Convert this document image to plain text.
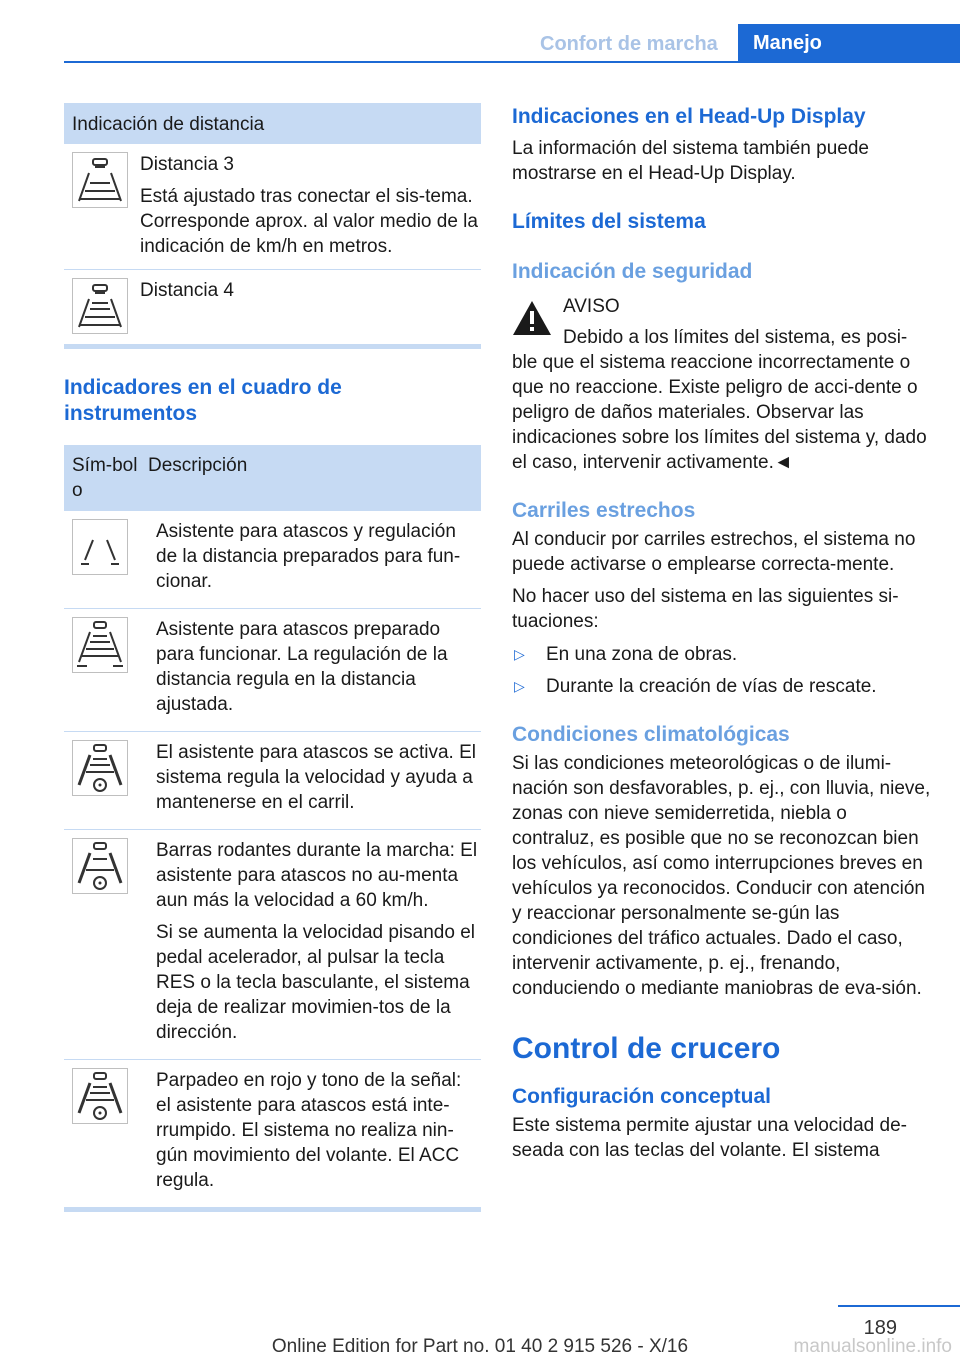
Confort de marcha	Manejo
Indicación de distancia

Distancia 3

Está ajustado tras conectar el sis-tema. Corresponde aprox. al valor medio de la indicación de km/h en metros.

Distancia 4

Indicadores en el cuadro de instrumentos
Sím-bolo
Descripción
Asistente para atascos y regulación de la distancia preparados para fun-cionar.
Asistente para atascos preparado para funcionar. La regulación de la distancia regula en la distancia ajustada.
El asistente para atascos se activa. El sistema regula la velocidad y ayuda a mantenerse en el carril.

Barras rodantes durante la marcha: El asistente para atascos no au-menta aun más la velocidad a 60 km/h.

Si se aumenta la velocidad pisando el pedal acelerador, al pulsar la tecla RES o la tecla basculante, el sistema deja de realizar movimien-tos de la dirección.

Parpadeo en rojo y tono de la señal: el asistente para atascos está inte-rrumpido. El sistema no realiza nin-gún movimiento del volante. El ACC regula.
Indicaciones en el Head-Up Display
La información del sistema también puede mostrarse en el Head-Up Display.
Límites del sistema
Indicación de seguridad
AVISO
Debido a los límites del sistema, es posi-ble que el sistema reaccione incorrectamente o que no reaccione. Existe peligro de acci-dente o peligro de daños materiales. Observar las indicaciones sobre los límites del sistema y, dado el caso, intervenir activamente.◄
Carriles estrechos
Al conducir por carriles estrechos, el sistema no puede activarse o emplearse correcta-mente.
No hacer uso del sistema en las siguientes si-tuaciones:
▷	En una zona de obras.
▷	Durante la creación de vías de rescate.
Condiciones climatológicas
Si las condiciones meteorológicas o de ilumi-nación son desfavorables, p. ej., con lluvia, nieve, zonas con nieve semiderretida, niebla o contraluz, es posible que no se reconozcan bien los vehículos, así como interrupciones breves en vehículos ya reconocidos. Conducir con atención y reaccionar personalmente se-gún las condiciones del tráfico actuales. Dado el caso, intervenir activamente, p. ej., frenando, conduciendo o mediante maniobras de eva-sión.
Control de crucero
Configuración conceptual
Este sistema permite ajustar una velocidad de-seada con las teclas del volante. El sistema
189
Online Edition for Part no. 01 40 2 915 526 - X/16	manualsonline.info
